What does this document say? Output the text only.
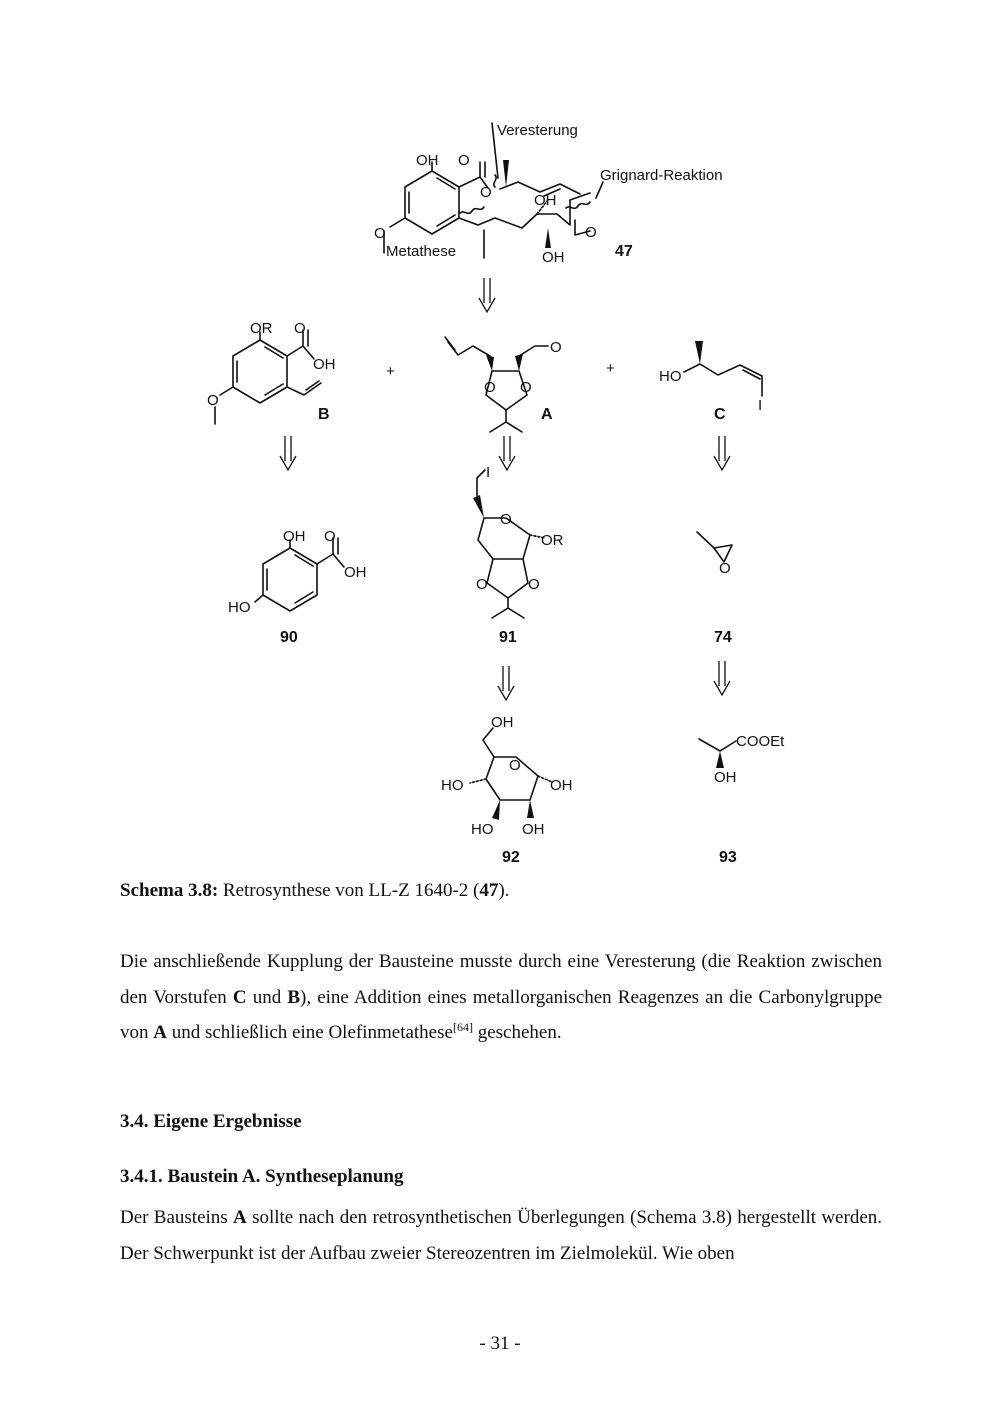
OH O
O	OH
O
OH
O
Metathese
Veresterung
Grignard-Reaktion
47
OR O
OH
O
B
+
O O
O
A
+	HO
I
C
OH O
OH
HO
90
O
I
OR
O	O
91
O
74
OH
O
HO	OH
HO OH
92
COOEt
OH
93
Schema 3.8: Retrosynthese von LL-Z 1640-2 (47).
Die anschließende Kupplung der Bausteine musste durch eine Veresterung (die Reaktion zwischen den Vorstufen C und B), eine Addition eines metallorganischen Reagenzes an die Carbonylgruppe von A und schließlich eine Olefinmetathese[64] geschehen.
3.4. Eigene Ergebnisse
3.4.1. Baustein A. Syntheseplanung
Der Bausteins A sollte nach den retrosynthetischen Überlegungen (Schema 3.8) hergestellt werden. Der Schwerpunkt ist der Aufbau zweier Stereozentren im Zielmolekül. Wie oben
- 31 -
